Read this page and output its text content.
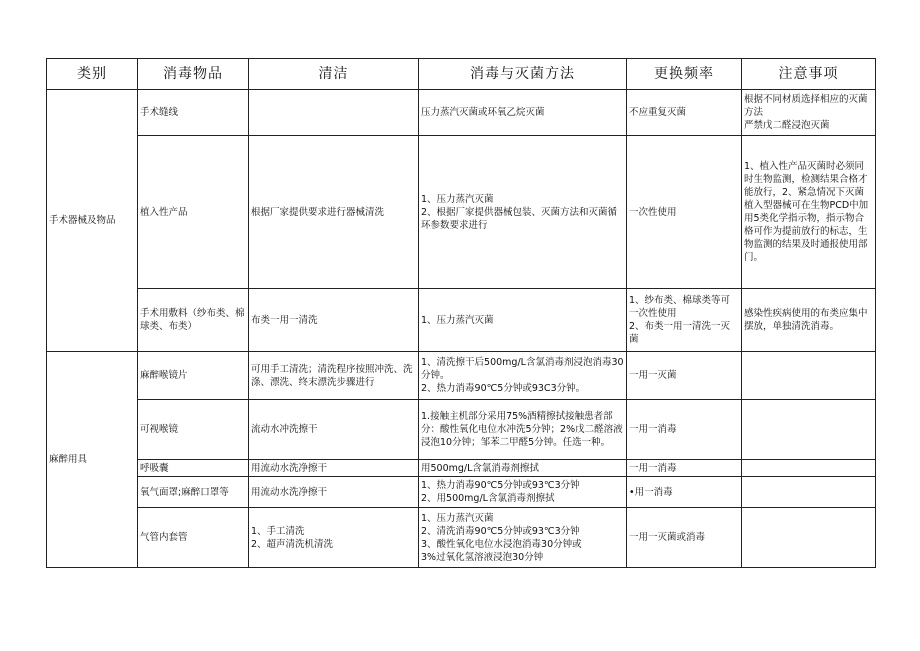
类别	消毒物品	清洁	消毒与灭菌方法	更换频率	注意事项
手术器械及物品	手术缝线		压力蒸汽灭菌或环氧乙烷灭菌	不应重复灭菌	根据不同材质选择相应的灭菌方法
严禁戊二醛浸泡灭菌

	植入性产品	根据厂家提供要求进行器械清洗	1、压力蒸汽灭菌
2、根据厂家提供器械包装、灭菌方法和灭菌循环参数要求进行	一次性使用	1、植入性产品灭菌时必须同时生物监测，检测结果合格才能放行，2、紧急情况下灭菌植入型器械可在生物PCD中加用5类化学指示物，指示物合格可作为提前放行的标志，生物监测的结果及时通报使用部门。

	手术用敷料（纱布类、棉球类、布类）	布类一用一清洗	1、压力蒸汽灭菌	1、纱布类、棉球类等可一次性使用
2、布类一用一清洗一灭菌	感染性疾病使用的布类应集中摆放，单独清洗消毒。

麻醉用具	麻醉喉镜片	可用手工清洗；清洗程序按照冲洗、洗涤、漂洗、终末漂洗步骤进行	1、清洗擦干后500mg/L含氯消毒剂浸泡消毒30分钟。
2、热力消毒90℃5分钟或93C3分钟。	一用一灭菌	

	可视喉镜	流动水冲洗擦干	1.接触主机部分采用75%酒精擦拭接触患者部分：酸性氧化电位水冲洗5分钟；2%戊二醛溶液浸泡10分钟；邹苯二甲醛5分钟。任选一种。	一用一消毒	

	呼吸囊	用流动水洗净擦干	用500mg/L含氯消毒剂擦拭	一用一消毒	

	氧气面罩;麻醉口罩等	用流动水洗净擦干	1、热力消毒90℃5分钟或93℃3分钟
2、用500mg/L含氯消毒剂擦拭	•用一消毒	

	气管内套管	1、手工清洗
2、超声清洗机清洗	1、压力蒸汽灭菌
2、清洗消毒90℃5分钟或93℃3分钟
3、酸性氧化电位水浸泡消毒30分钟或
3%过氧化氢溶液浸泡30分钟	一用一灭菌或消毒	
